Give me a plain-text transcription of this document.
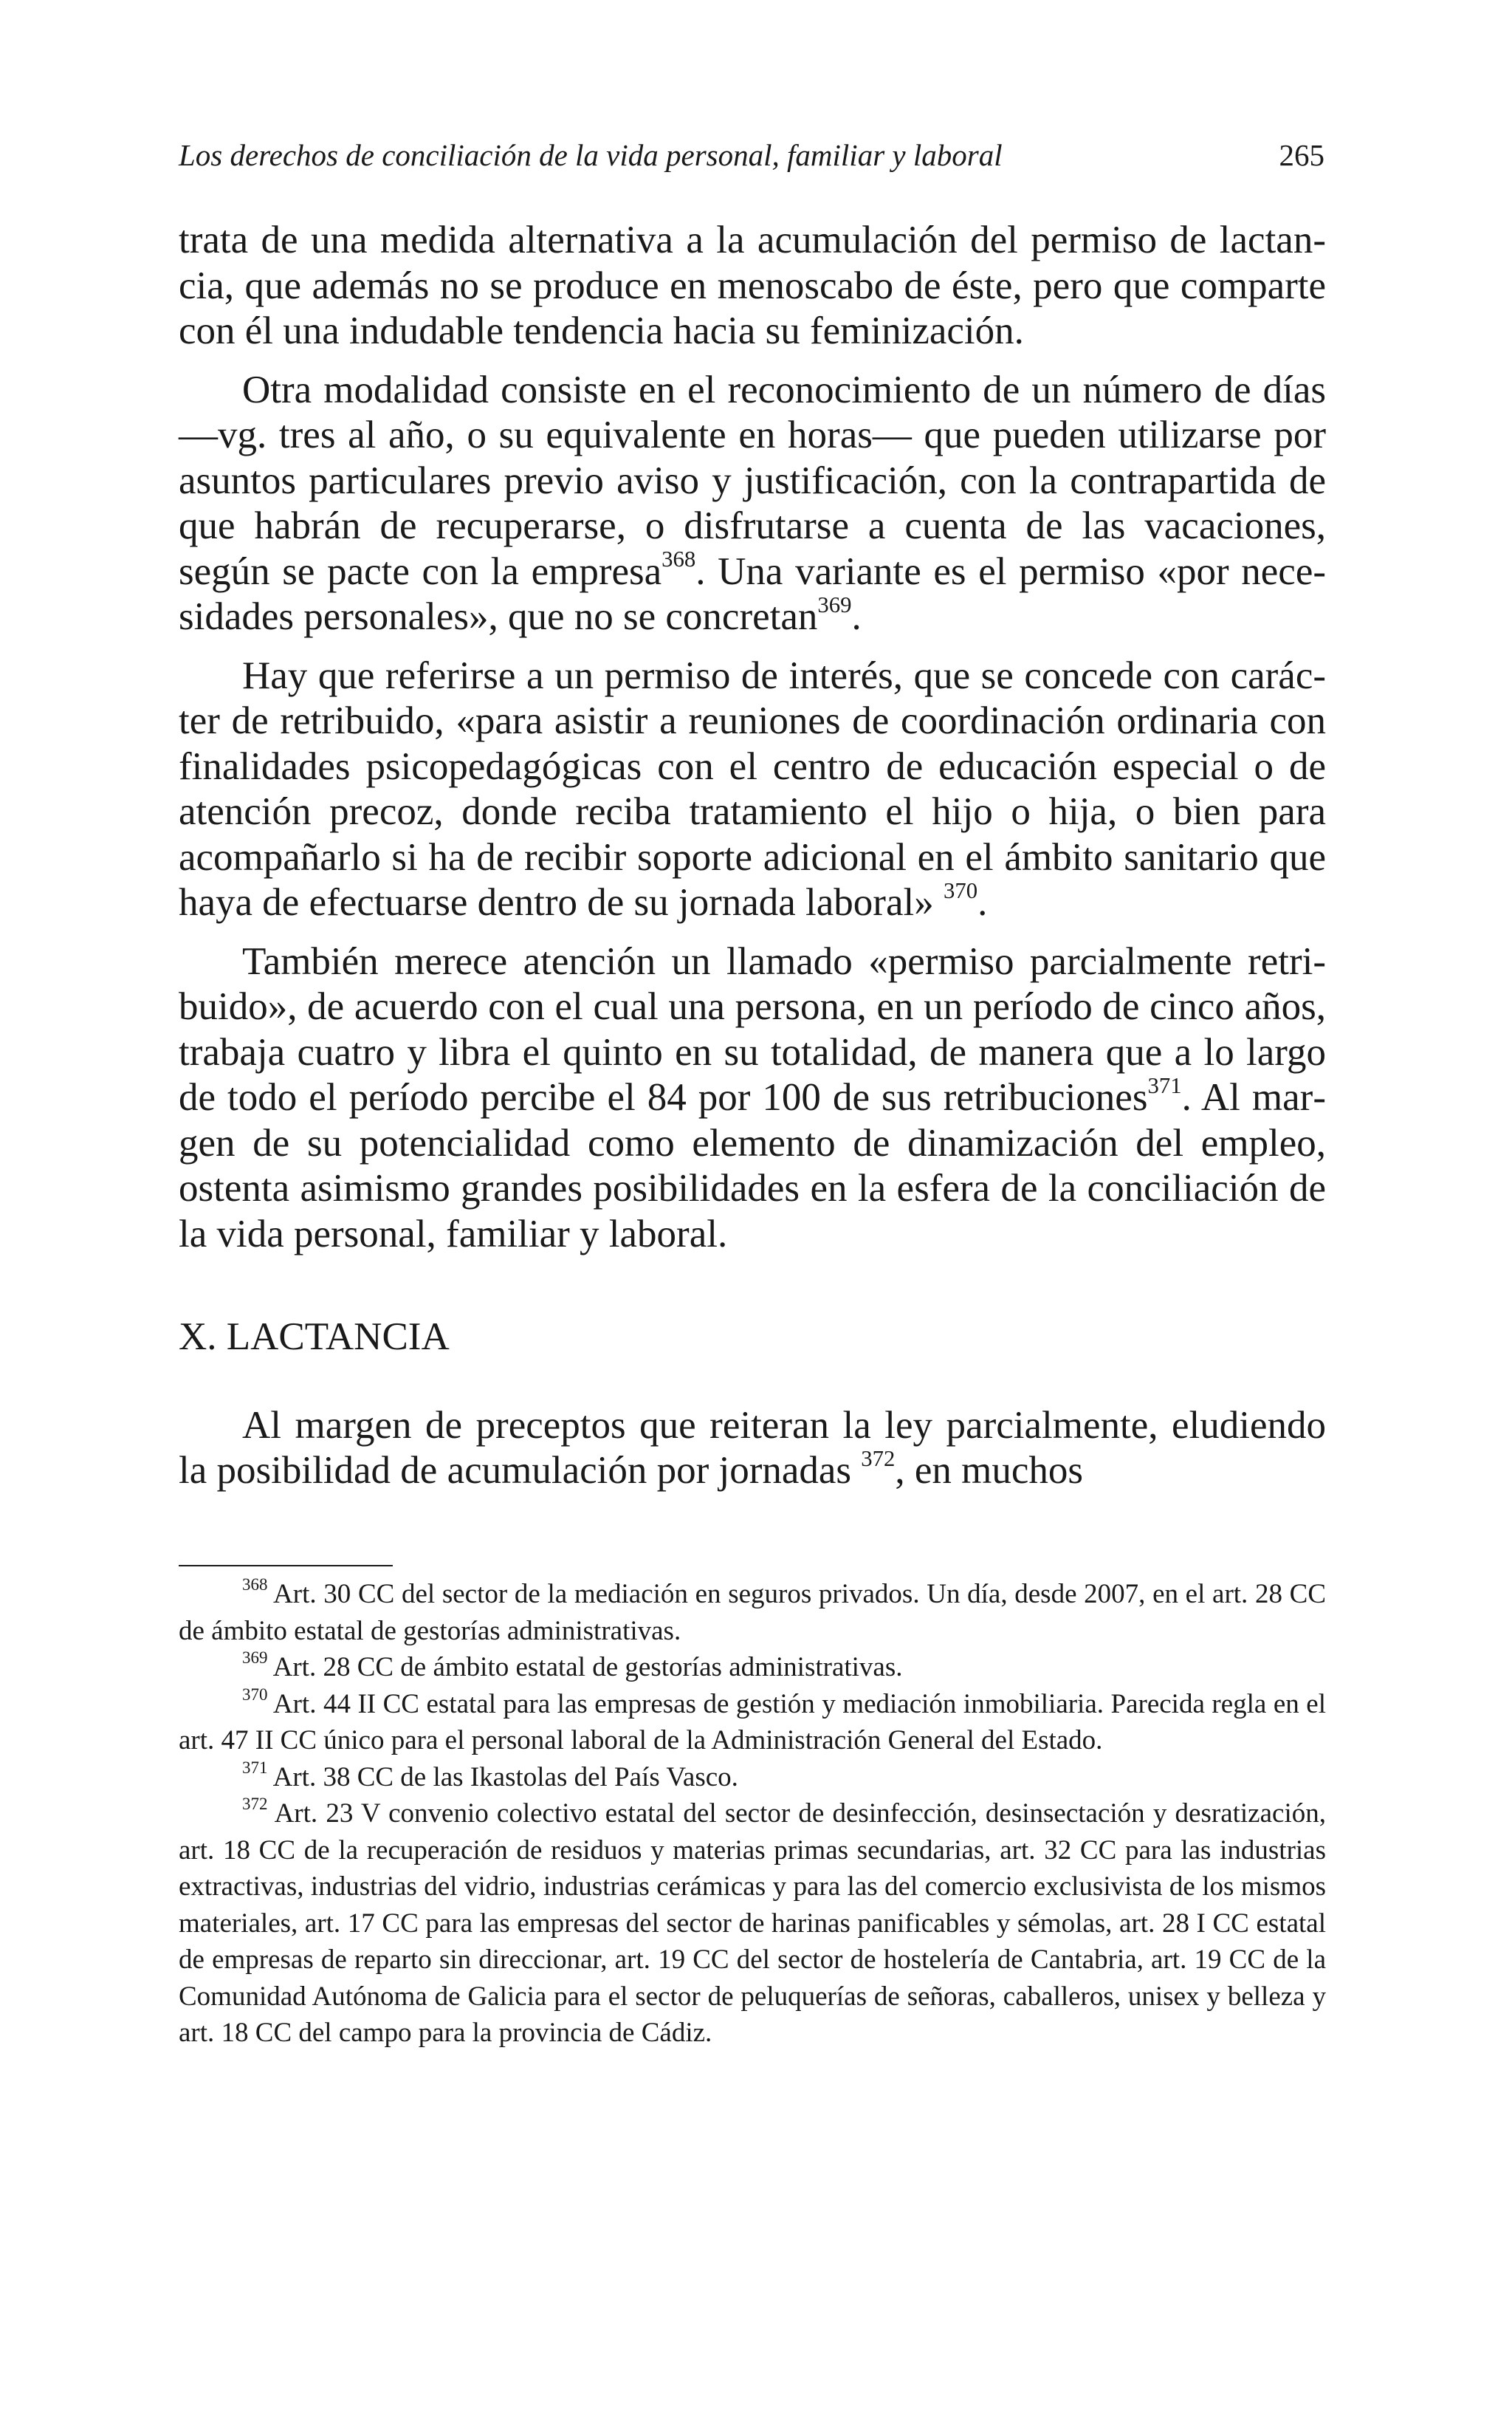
Los derechos de conciliación de la vida personal, familiar y laboral	265

trata de una medida alternativa a la acumulación del permiso de lactancia, que además no se produce en menoscabo de éste, pero que comparte con él una indudable tendencia hacia su feminización.

Otra modalidad consiste en el reconocimiento de un número de días —vg. tres al año, o su equivalente en horas— que pueden utilizarse por asuntos particulares previo aviso y justificación, con la contrapartida de que habrán de recuperarse, o disfrutarse a cuenta de las vacaciones, según se pacte con la empresa$^{368}$. Una variante es el permiso «por necesidades personales», que no se concretan$^{369}$.

Hay que referirse a un permiso de interés, que se concede con carácter de retribuido, «para asistir a reuniones de coordinación ordinaria con finalidades psicopedagógicas con el centro de educación especial o de atención precoz, donde reciba tratamiento el hijo o hija, o bien para acompañarlo si ha de recibir soporte adicional en el ámbito sanitario que haya de efectuarse dentro de su jornada laboral» $^{370}$.

También merece atención un llamado «permiso parcialmente retribuido», de acuerdo con el cual una persona, en un período de cinco años, trabaja cuatro y libra el quinto en su totalidad, de manera que a lo largo de todo el período percibe el 84 por 100 de sus retribuciones$^{371}$. Al margen de su potencialidad como elemento de dinamización del empleo, ostenta asimismo grandes posibilidades en la esfera de la conciliación de la vida personal, familiar y laboral.

X. LACTANCIA

Al margen de preceptos que reiteran la ley parcialmente, eludiendo la posibilidad de acumulación por jornadas $^{372}$, en muchos

$^{368}$ Art. 30 CC del sector de la mediación en seguros privados. Un día, desde 2007, en el art. 28 CC de ámbito estatal de gestorías administrativas.

$^{369}$ Art. 28 CC de ámbito estatal de gestorías administrativas.

$^{370}$ Art. 44 II CC estatal para las empresas de gestión y mediación inmobiliaria. Parecida regla en el art. 47 II CC único para el personal laboral de la Administración General del Estado.

$^{371}$ Art. 38 CC de las Ikastolas del País Vasco.

$^{372}$ Art. 23 V convenio colectivo estatal del sector de desinfección, desinsectación y desratización, art. 18 CC de la recuperación de residuos y materias primas secundarias, art. 32 CC para las industrias extractivas, industrias del vidrio, industrias cerámicas y para las del comercio exclusivista de los mismos materiales, art. 17 CC para las empresas del sector de harinas panificables y sémolas, art. 28 I CC estatal de empresas de reparto sin direccionar, art. 19 CC del sector de hostelería de Cantabria, art. 19 CC de la Comunidad Autónoma de Galicia para el sector de peluquerías de señoras, caballeros, unisex y belleza y art. 18 CC del campo para la provincia de Cádiz.
